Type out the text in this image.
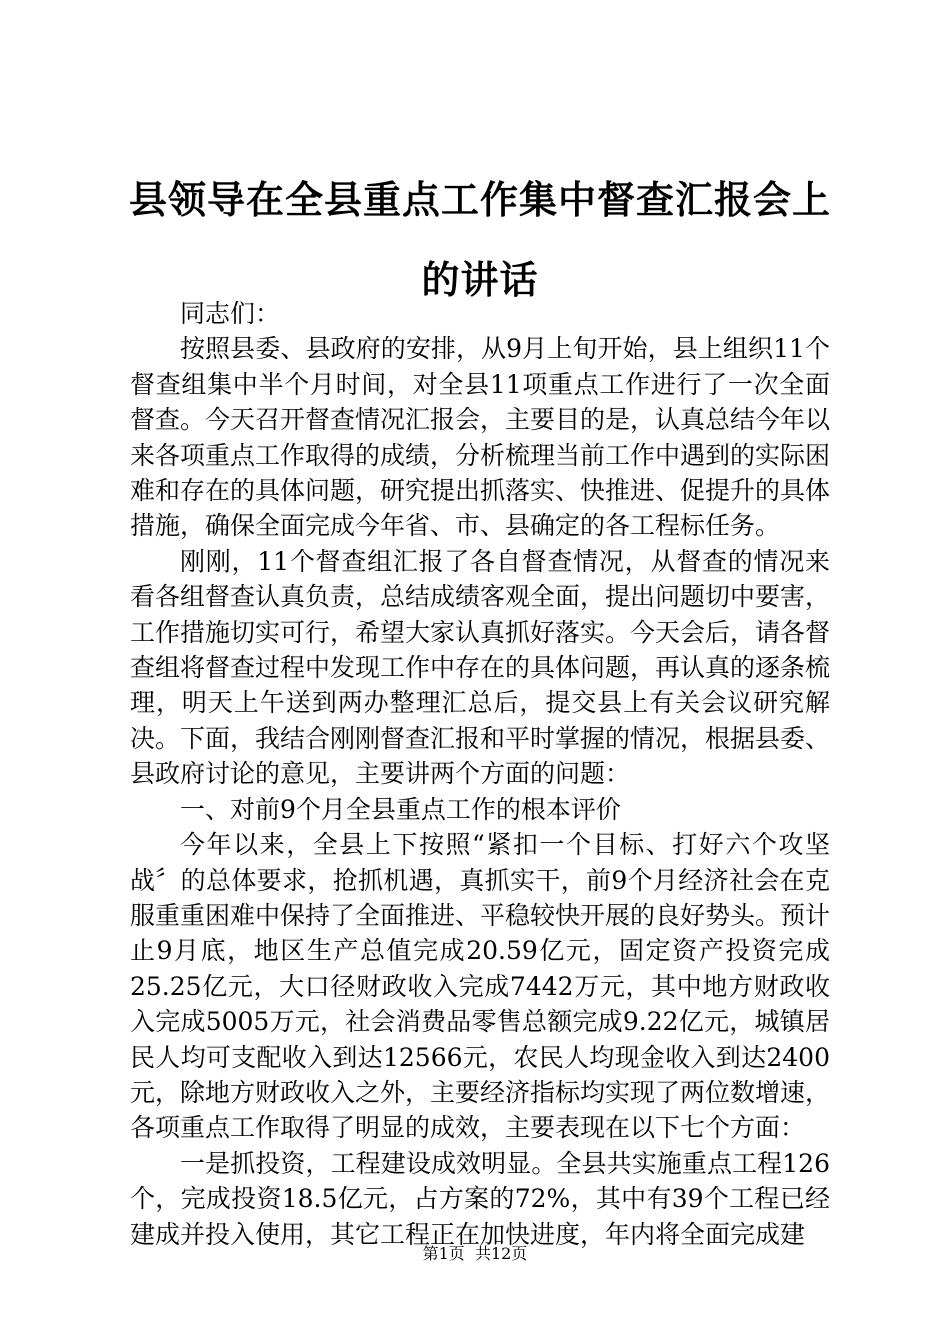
县领导在全县重点工作集中督查汇报会上的讲话

同志们：

按照县委、县政府的安排，从9月上旬开始，县上组织11个督查组集中半个月时间，对全县11项重点工作进行了一次全面督查。今天召开督查情况汇报会，主要目的是，认真总结今年以来各项重点工作取得的成绩，分析梳理当前工作中遇到的实际困难和存在的具体问题，研究提出抓落实、快推进、促提升的具体措施，确保全面完成今年省、市、县确定的各工程标任务。

刚刚，11个督查组汇报了各自督查情况，从督查的情况来看各组督查认真负责，总结成绩客观全面，提出问题切中要害，工作措施切实可行，希望大家认真抓好落实。今天会后，请各督查组将督查过程中发现工作中存在的具体问题，再认真的逐条梳理，明天上午送到两办整理汇总后，提交县上有关会议研究解决。下面，我结合刚刚督查汇报和平时掌握的情况，根据县委、县政府讨论的意见，主要讲两个方面的问题：

一、对前9个月全县重点工作的根本评价

今年以来，全县上下按照“紧扣一个目标、打好六个攻坚战〞的总体要求，抢抓机遇，真抓实干，前9个月经济社会在克服重重困难中保持了全面推进、平稳较快开展的良好势头。预计止9月底，地区生产总值完成20.59亿元，固定资产投资完成25.25亿元，大口径财政收入完成7442万元，其中地方财政收入完成5005万元，社会消费品零售总额完成9.22亿元，城镇居民人均可支配收入到达12566元，农民人均现金收入到达2400元，除地方财政收入之外，主要经济指标均实现了两位数增速，各项重点工作取得了明显的成效，主要表现在以下七个方面：

一是抓投资，工程建设成效明显。全县共实施重点工程126个，完成投资18.5亿元，占方案的72%，其中有39个工程已经建成并投入使用，其它工程正在加快进度，年内将全面完成建

第1页 共12页
